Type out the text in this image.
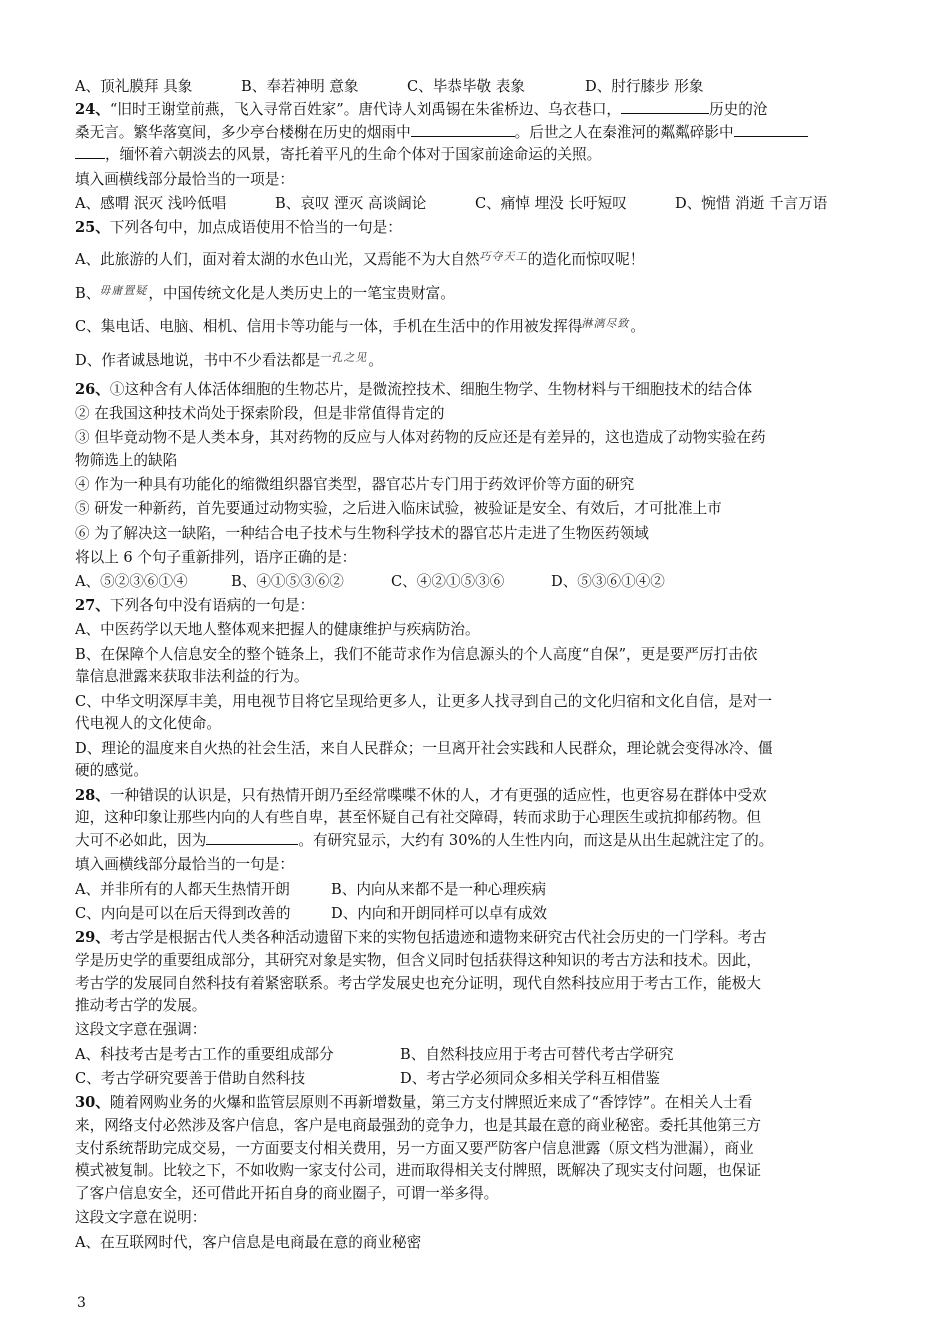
A、顶礼膜拜 具象	B、奉若神明 意象	C、毕恭毕敬 表象	D、肘行膝步 形象
24、“旧时王谢堂前燕，飞入寻常百姓家”。唐代诗人刘禹锡在朱雀桥边、乌衣巷口，	历史的沧
桑无言。繁华落寞间，多少亭台楼榭在历史的烟雨中	。后世之人在秦淮河的粼粼碎影中
，缅怀着六朝淡去的风景，寄托着平凡的生命个体对于国家前途命运的关照。
填入画横线部分最恰当的一项是：
A、感喟 泯灭 浅吟低唱	B、哀叹 湮灭 高谈阔论	C、痛悼 埋没 长吁短叹	D、惋惜 消逝 千言万语
25、下列各句中，加点成语使用不恰当的一句是：
A、此旅游的人们，面对着太湖的水色山光，又焉能不为大自然巧夺天工的造化而惊叹呢！
B、毋庸置疑，中国传统文化是人类历史上的一笔宝贵财富。
C、集电话、电脑、相机、信用卡等功能与一体，手机在生活中的作用被发挥得淋漓尽致。
D、作者诚恳地说，书中不少看法都是一孔之见。
26、①这种含有人体活体细胞的生物芯片，是微流控技术、细胞生物学、生物材料与干细胞技术的结合体
② 在我国这种技术尚处于探索阶段，但是非常值得肯定的
③ 但毕竟动物不是人类本身，其对药物的反应与人体对药物的反应还是有差异的，这也造成了动物实验在药
物筛选上的缺陷
④ 作为一种具有功能化的缩微组织器官类型，器官芯片专门用于药效评价等方面的研究
⑤ 研发一种新药，首先要通过动物实验，之后进入临床试验，被验证是安全、有效后，才可批准上市
⑥ 为了解决这一缺陷，一种结合电子技术与生物科学技术的器官芯片走进了生物医药领域
将以上 6 个句子重新排列，语序正确的是：
A、⑤②③⑥①④	B、④①⑤③⑥②	C、④②①⑤③⑥	D、⑤③⑥①④②
27、下列各句中没有语病的一句是：
A、中医药学以天地人整体观来把握人的健康维护与疾病防治。
B、在保障个人信息安全的整个链条上，我们不能苛求作为信息源头的个人高度“自保”，更是要严厉打击依
靠信息泄露来获取非法利益的行为。
C、中华文明深厚丰美，用电视节目将它呈现给更多人，让更多人找寻到自己的文化归宿和文化自信，是对一
代电视人的文化使命。
D、理论的温度来自火热的社会生活，来自人民群众；一旦离开社会实践和人民群众，理论就会变得冰冷、僵
硬的感觉。
28、一种错误的认识是，只有热情开朗乃至经常喋喋不休的人，才有更强的适应性，也更容易在群体中受欢
迎，这种印象让那些内向的人有些自卑，甚至怀疑自己有社交障碍，转而求助于心理医生或抗抑郁药物。但
大可不必如此，因为	。有研究显示，大约有 30%的人生性内向，而这是从出生起就注定了的。
填入画横线部分最恰当的一句是：
A、并非所有的人都天生热情开朗	B、内向从来都不是一种心理疾病
C、内向是可以在后天得到改善的	D、内向和开朗同样可以卓有成效
29、考古学是根据古代人类各种活动遗留下来的实物包括遗迹和遗物来研究古代社会历史的一门学科。考古
学是历史学的重要组成部分，其研究对象是实物，但含义同时包括获得这种知识的考古方法和技术。因此，
考古学的发展同自然科技有着紧密联系。考古学发展史也充分证明，现代自然科技应用于考古工作，能极大
推动考古学的发展。
这段文字意在强调：
A、科技考古是考古工作的重要组成部分	B、自然科技应用于考古可替代考古学研究
C、考古学研究要善于借助自然科技	D、考古学必须同众多相关学科互相借鉴
30、随着网购业务的火爆和监管层原则不再新增数量，第三方支付牌照近来成了“香饽饽”。在相关人士看
来，网络支付必然涉及客户信息，客户是电商最强劲的竞争力，也是其最在意的商业秘密。委托其他第三方
支付系统帮助完成交易，一方面要支付相关费用，另一方面又要严防客户信息泄露（原文档为泄漏），商业
模式被复制。比较之下，不如收购一家支付公司，进而取得相关支付牌照，既解决了现实支付问题，也保证
了客户信息安全，还可借此开拓自身的商业圈子，可谓一举多得。
这段文字意在说明：
A、在互联网时代，客户信息是电商最在意的商业秘密
3
